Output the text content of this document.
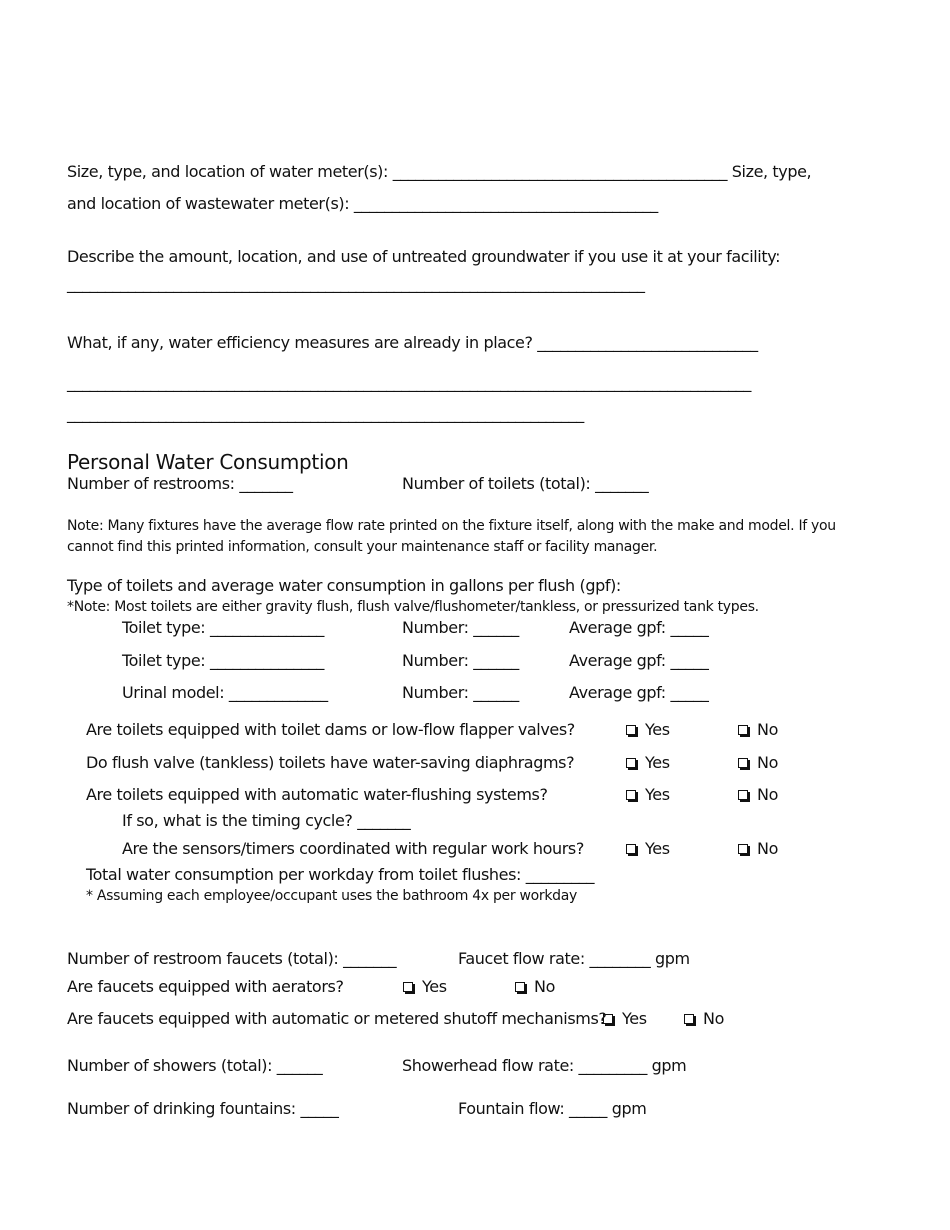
Size, type, and location of water meter(s): ____________________________________________ Size, type,
and location of wastewater meter(s): ________________________________________
Describe the amount, location, and use of untreated groundwater if you use it at your facility:
____________________________________________________________________________
What, if any, water efficiency measures are already in place? _____________________________
__________________________________________________________________________________________
____________________________________________________________________
Personal Water Consumption
Number of restrooms: _______	Number of toilets (total): _______
Note: Many fixtures have the average flow rate printed on the fixture itself, along with the make and model. If you
cannot find this printed information, consult your maintenance staff or facility manager.
Type of toilets and average water consumption in gallons per flush (gpf):
*Note: Most toilets are either gravity flush, flush valve/flushometer/tankless, or pressurized tank types.
Toilet type: _______________	Number: ______	Average gpf: _____
Toilet type: _______________	Number: ______	Average gpf: _____
Urinal model: _____________	Number: ______	Average gpf: _____
Are toilets equipped with toilet dams or low-flow flapper valves?	Yes	No
Do flush valve (tankless) toilets have water-saving diaphragms?	Yes	No
Are toilets equipped with automatic water-flushing systems?	Yes	No
If so, what is the timing cycle? _______
Are the sensors/timers coordinated with regular work hours?	Yes	No
Total water consumption per workday from toilet flushes: _________
* Assuming each employee/occupant uses the bathroom 4x per workday
Number of restroom faucets (total): _______	Faucet flow rate: ________ gpm
Are faucets equipped with aerators?	Yes	No
Are faucets equipped with automatic or metered shutoff mechanisms? Yes	No
Number of showers (total): ______	Showerhead flow rate: _________ gpm
Number of drinking fountains: _____	Fountain flow: _____ gpm
